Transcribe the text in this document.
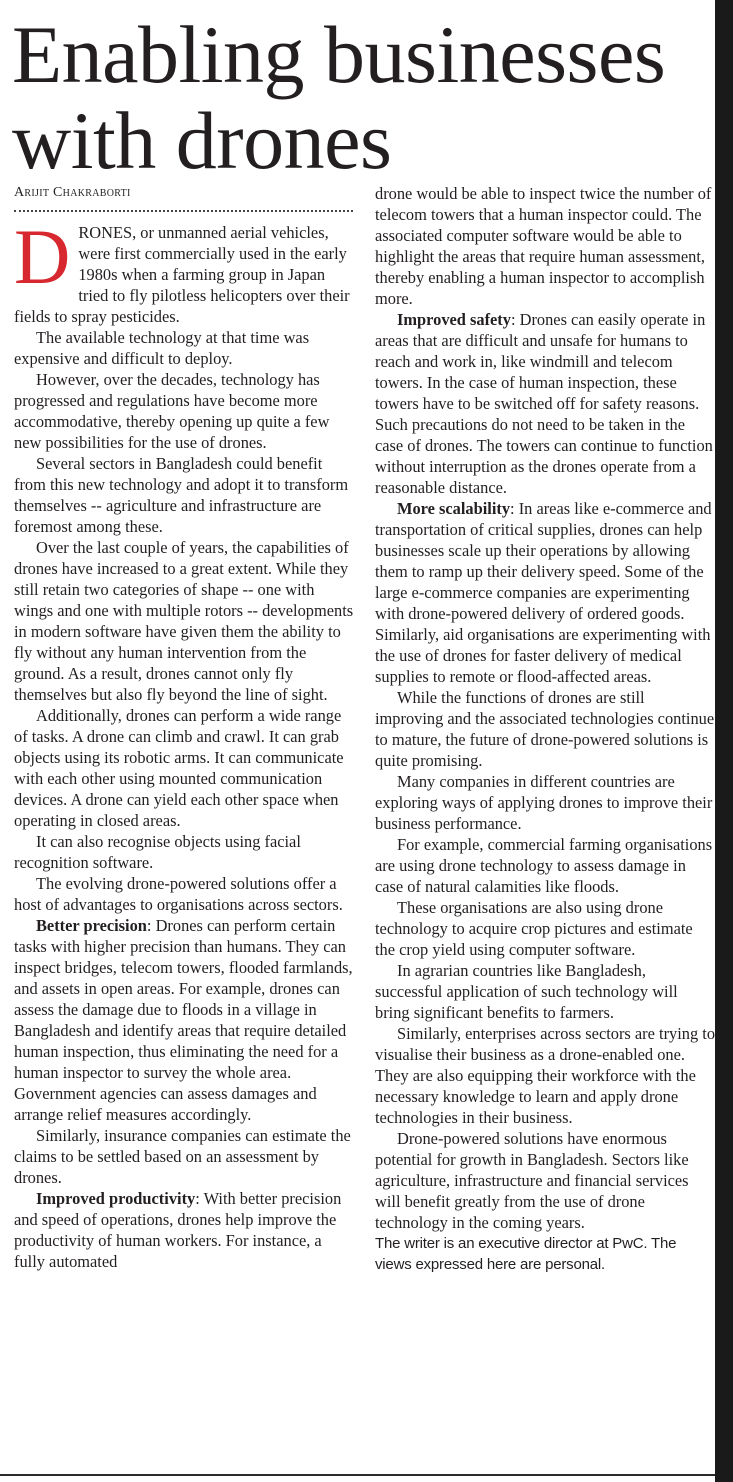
Enabling businesses
with drones
Arijit Chakraborti

DRONES, or unmanned aerial vehicles, were first commercially used in the early 1980s when a farming group in Japan tried to fly pilotless helicopters over their fields to spray pesticides.

The available technology at that time was expensive and difficult to deploy.

However, over the decades, technology has progressed and regulations have become more accommodative, thereby opening up quite a few new possibilities for the use of drones.

Several sectors in Bangladesh could benefit from this new technology and adopt it to transform themselves -- agriculture and infrastructure are foremost among these.

Over the last couple of years, the capabilities of drones have increased to a great extent. While they still retain two categories of shape -- one with wings and one with multiple rotors -- developments in modern software have given them the ability to fly without any human intervention from the ground. As a result, drones cannot only fly themselves but also fly beyond the line of sight.

Additionally, drones can perform a wide range of tasks. A drone can climb and crawl. It can grab objects using its robotic arms. It can communicate with each other using mounted communication devices. A drone can yield each other space when operating in closed areas.

It can also recognise objects using facial recognition software.

The evolving drone-powered solutions offer a host of advantages to organisations across sectors.

Better precision: Drones can perform certain tasks with higher precision than humans. They can inspect bridges, telecom towers, flooded farmlands, and assets in open areas. For example, drones can assess the damage due to floods in a village in Bangladesh and identify areas that require detailed human inspection, thus eliminating the need for a human inspector to survey the whole area. Government agencies can assess damages and arrange relief measures accordingly.

Similarly, insurance companies can estimate the claims to be settled based on an assessment by drones.

Improved productivity: With better precision and speed of operations, drones help improve the productivity of human workers. For instance, a fully automated

drone would be able to inspect twice the number of telecom towers that a human inspector could. The associated computer software would be able to highlight the areas that require human assessment, thereby enabling a human inspector to accomplish more.

Improved safety: Drones can easily operate in areas that are difficult and unsafe for humans to reach and work in, like windmill and telecom towers. In the case of human inspection, these towers have to be switched off for safety reasons. Such precautions do not need to be taken in the case of drones. The towers can continue to function without interruption as the drones operate from a reasonable distance.

More scalability: In areas like e-commerce and transportation of critical supplies, drones can help businesses scale up their operations by allowing them to ramp up their delivery speed. Some of the large e-commerce companies are experimenting with drone-powered delivery of ordered goods. Similarly, aid organisations are experimenting with the use of drones for faster delivery of medical supplies to remote or flood-affected areas.

While the functions of drones are still improving and the associated technologies continue to mature, the future of drone-powered solutions is quite promising.

Many companies in different countries are exploring ways of applying drones to improve their business performance.

For example, commercial farming organisations are using drone technology to assess damage in case of natural calamities like floods.

These organisations are also using drone technology to acquire crop pictures and estimate the crop yield using computer software.

In agrarian countries like Bangladesh, successful application of such technology will bring significant benefits to farmers.

Similarly, enterprises across sectors are trying to visualise their business as a drone-enabled one. They are also equipping their workforce with the necessary knowledge to learn and apply drone technologies in their business.

Drone-powered solutions have enormous potential for growth in Bangladesh. Sectors like agriculture, infrastructure and financial services will benefit greatly from the use of drone technology in the coming years.

The writer is an executive director at PwC. The views expressed here are personal.
